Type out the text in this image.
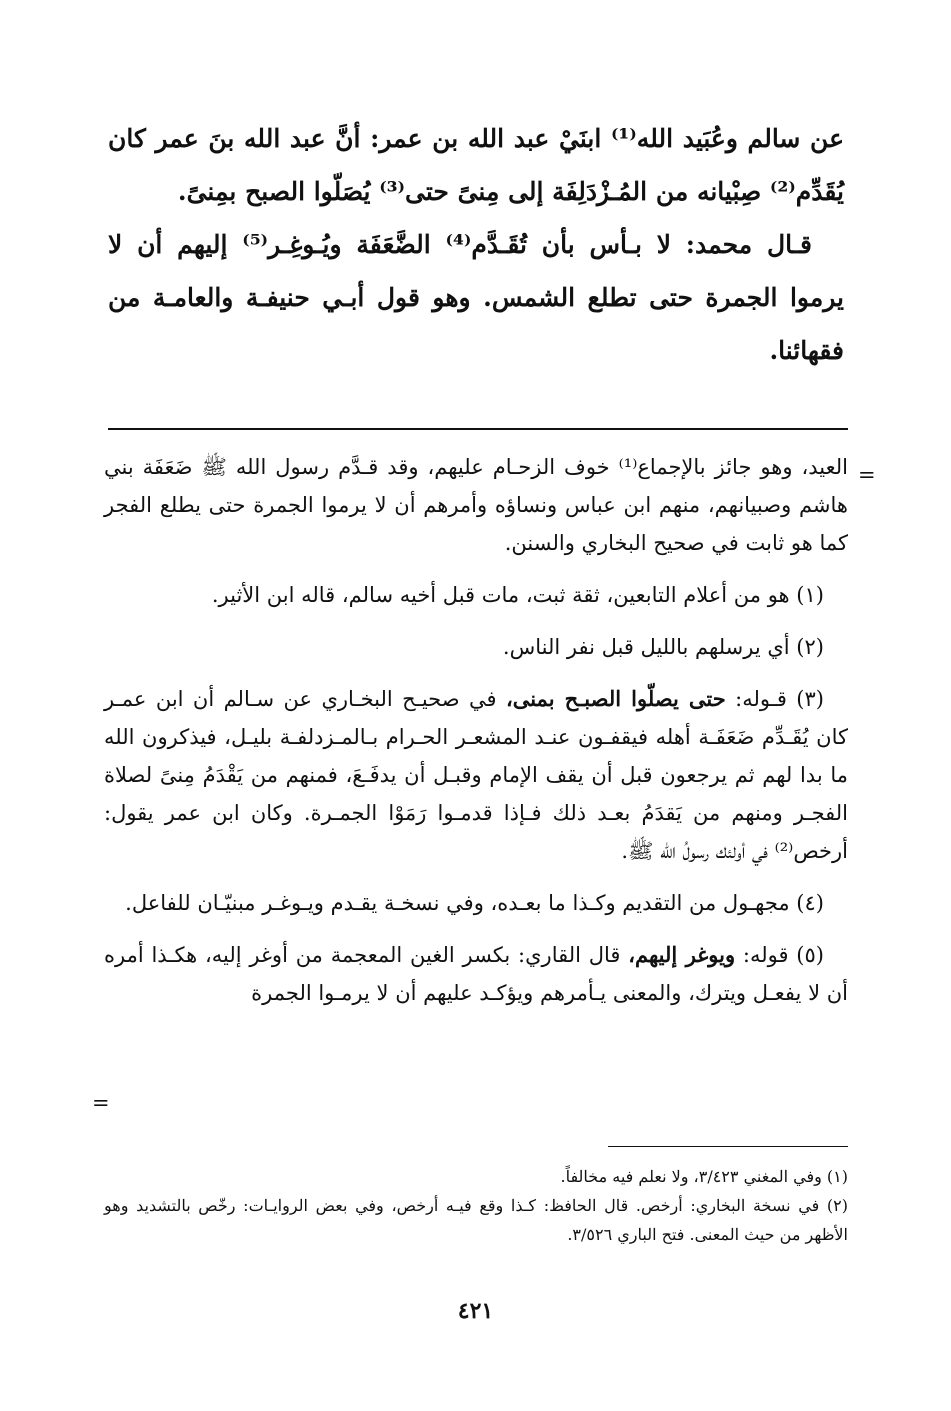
عن سالم وعُبَيد الله⁽¹⁾ ابنَيْ عبد الله بن عمر: أنَّ عبد الله بنَ عمر كان يُقَدِّم⁽²⁾ صِبْيانه من المُـزْدَلِفَة إلى مِنىً حتى⁽³⁾ يُصَلّوا الصبح بمِنىً.

قـال محمد: لا بـأس بأن تُقَـدَّم⁽⁴⁾ الضَّعَفَة ويُـوغِـر⁽⁵⁾ إليهم أن لا يرموا الجمرة حتى تطلع الشمس. وهو قول أبـي حنيفـة والعامـة من فقهائنا.

=

العيد، وهو جائز بالإجماع⁽¹⁾ خوف الزحـام عليهم، وقد قـدَّم رسول الله ﷺ ضَعَفَة بني هاشم وصبيانهم، منهم ابن عباس ونساؤه وأمرهم أن لا يرموا الجمرة حتى يطلع الفجر كما هو ثابت في صحيح البخاري والسنن.

(١) هو من أعلام التابعين، ثقة ثبت، مات قبل أخيه سالم، قاله ابن الأثير.

(٢) أي يرسلهم بالليل قبل نفر الناس.

(٣) قـوله: حتى يصلّوا الصبـح بمنى، في صحيـح البخـاري عن سـالم أن ابن عمـر كان يُقَـدِّم ضَعَفَـة أهله فيقفـون عنـد المشعـر الحـرام بـالمـزدلفـة بليـل، فيذكرون الله ما بدا لهم ثم يرجعون قبل أن يقف الإمام وقبـل أن يدفَـعَ، فمنهم من يَقْدَمُ مِنىً لصلاة الفجـر ومنهم من يَقدَمُ بعـد ذلك فـإذا قدمـوا رَمَوْا الجمـرة. وكان ابن عمر يقول: أرخص⁽²⁾ في أولئك رسولُ الله ﷺ.

(٤) مجهـول من التقديم وكـذا ما بعـده، وفي نسخـة يقـدم ويـوغـر مبنيّـان للفاعل.

(٥) قوله: ويوغر إليهم، قال القاري: بكسر الغين المعجمة من أوغر إليه، هكـذا أمره أن لا يفعـل ويترك، والمعنى يـأمرهم ويؤكـد عليهم أن لا يرمـوا الجمرة

=

(١) وفي المغني ٣/٤٢٣، ولا نعلم فيه مخالفاً.

(٢) في نسخة البخاري: أرخص. قال الحافظ: كـذا وقع فيـه أرخص، وفي بعض الروايـات: رخّص بالتشديد وهو الأظهر من حيث المعنى. فتح الباري ٣/٥٢٦.

٤٢١
